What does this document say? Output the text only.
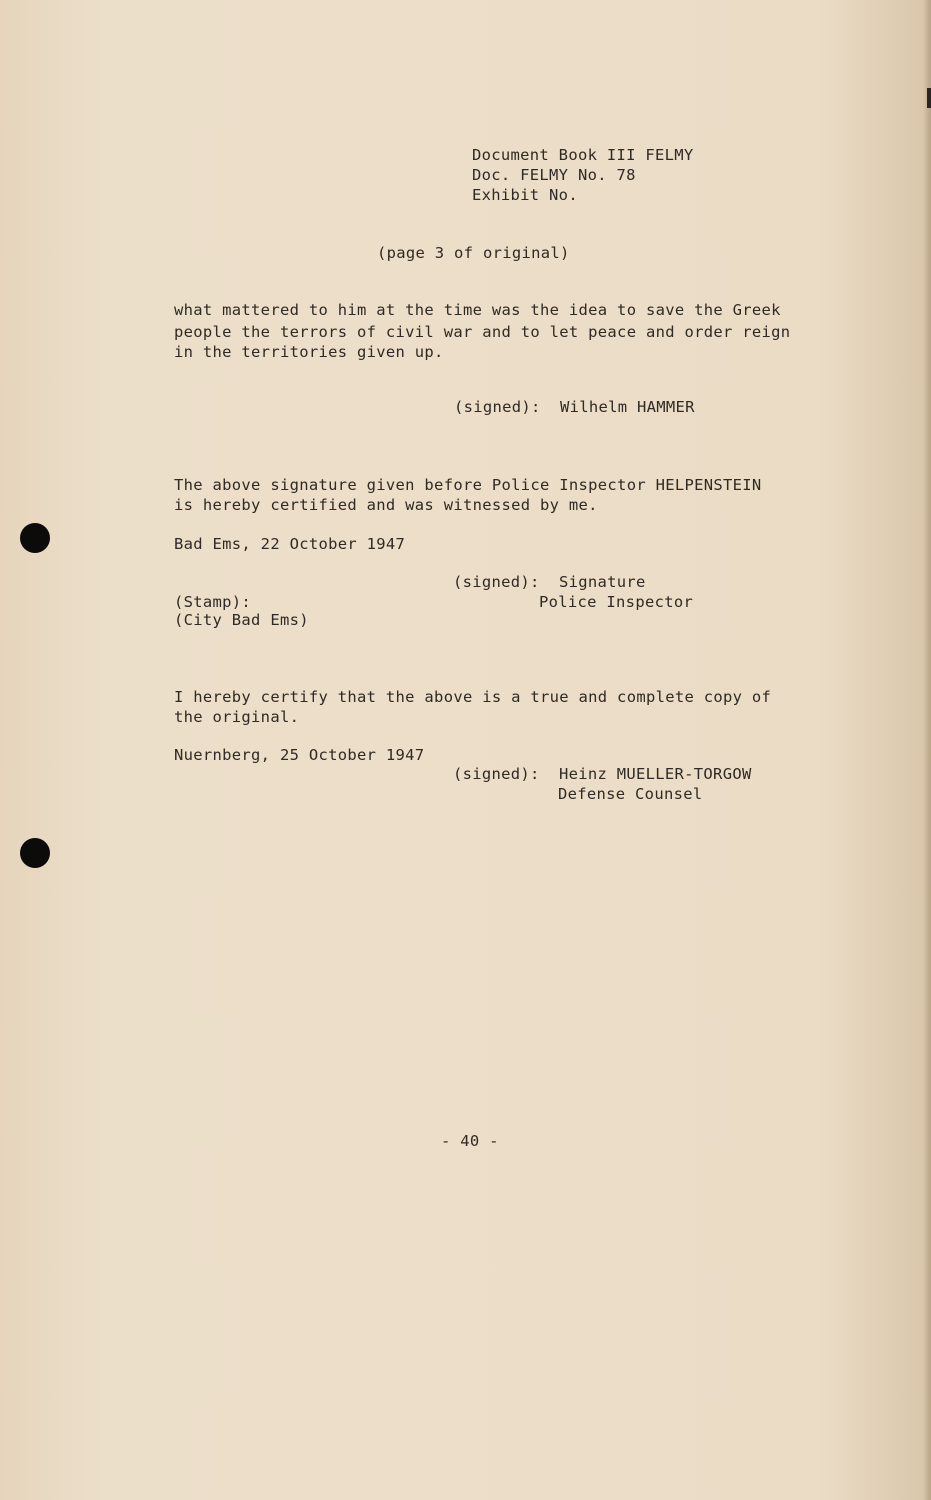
Document Book III FELMY

Doc. FELMY No. 78

Exhibit No.

(page 3 of original)

what mattered to him at the time was the idea to save the Greek

people the terrors of civil war and to let peace and order reign

in the territories given up.

(signed):  Wilhelm HAMMER

The above signature given before Police Inspector HELPENSTEIN

is hereby certified and was witnessed by me.

Bad Ems, 22 October 1947

(signed):  Signature

Police Inspector

(Stamp):

(City Bad Ems)

I hereby certify that the above is a true and complete copy of

the original.

Nuernberg, 25 October 1947

(signed):  Heinz MUELLER-TORGOW

Defense Counsel

- 40 -
